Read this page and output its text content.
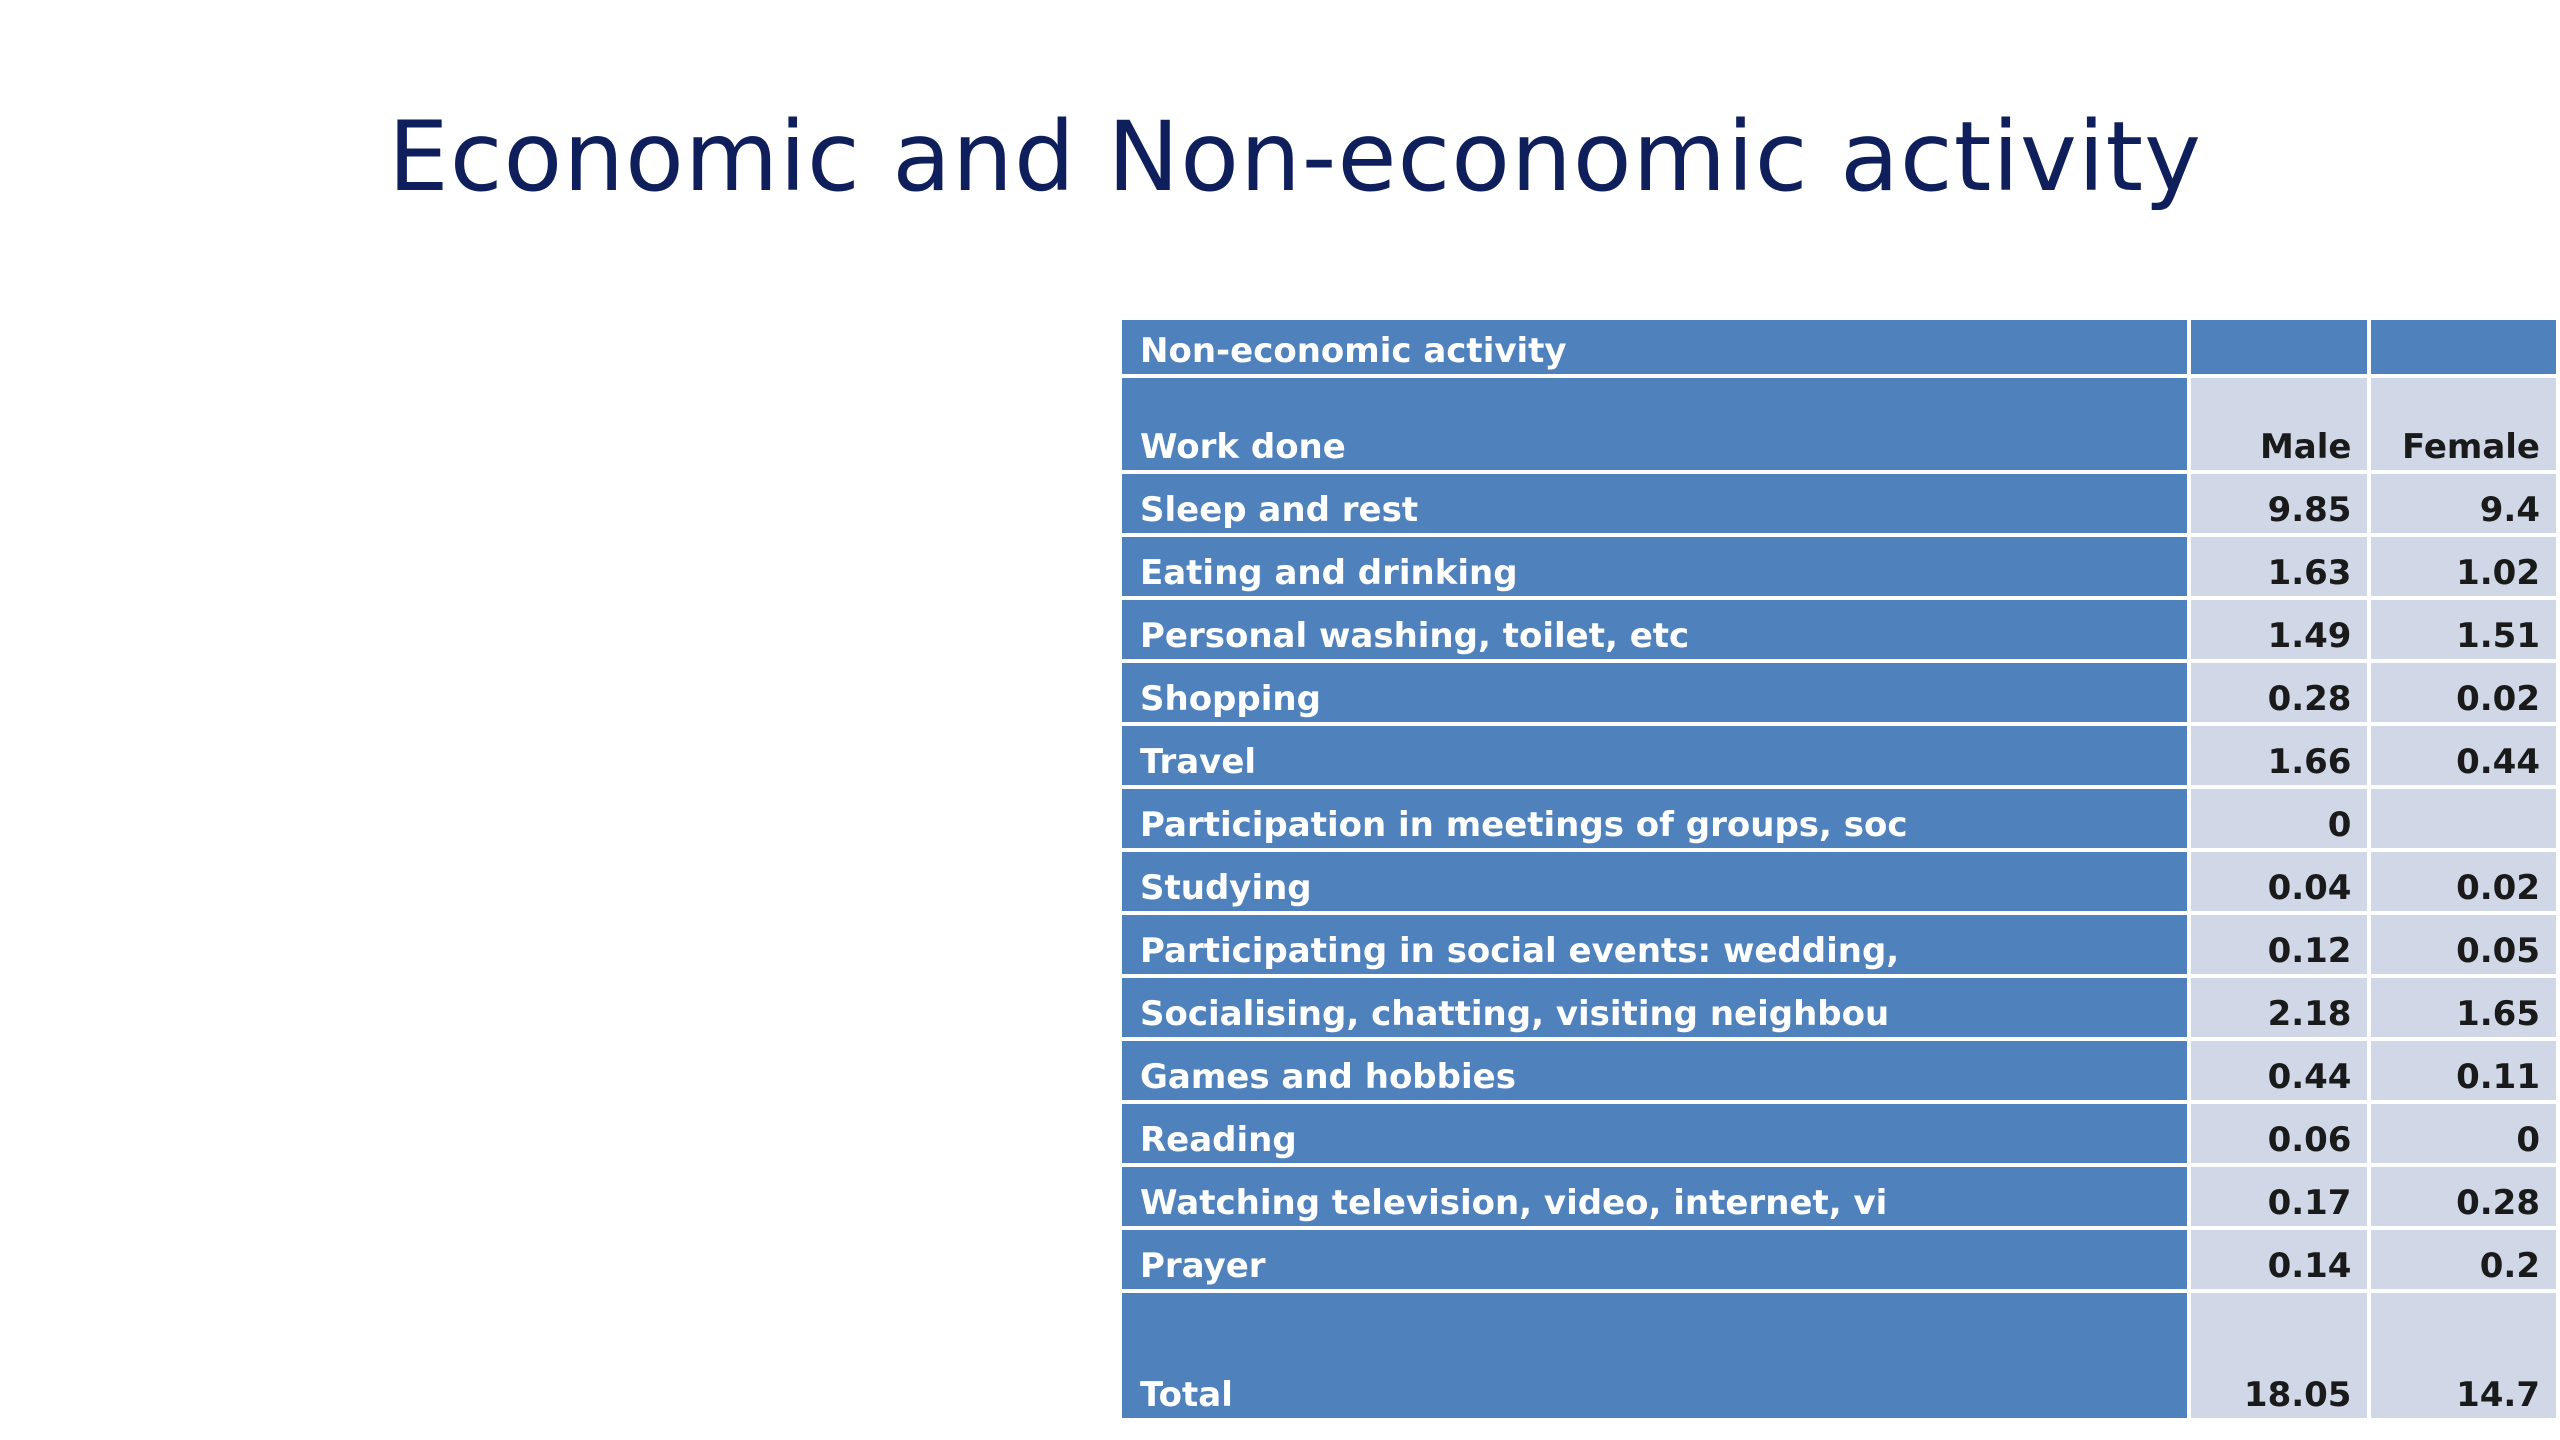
Economic and Non-economic activity
Non-economic activity		
Work done	Male	Female
Sleep and rest	9.85	9.4
Eating and drinking	1.63	1.02
Personal washing, toilet, etc	1.49	1.51
Shopping	0.28	0.02
Travel	1.66	0.44
Participation in meetings of groups, soc	0	
Studying	0.04	0.02
Participating in social events: wedding,	0.12	0.05
Socialising, chatting, visiting neighbou	2.18	1.65
Games and hobbies	0.44	0.11
Reading	0.06	0
Watching television, video, internet, vi	0.17	0.28
Prayer	0.14	0.2
Total	18.05	14.7
